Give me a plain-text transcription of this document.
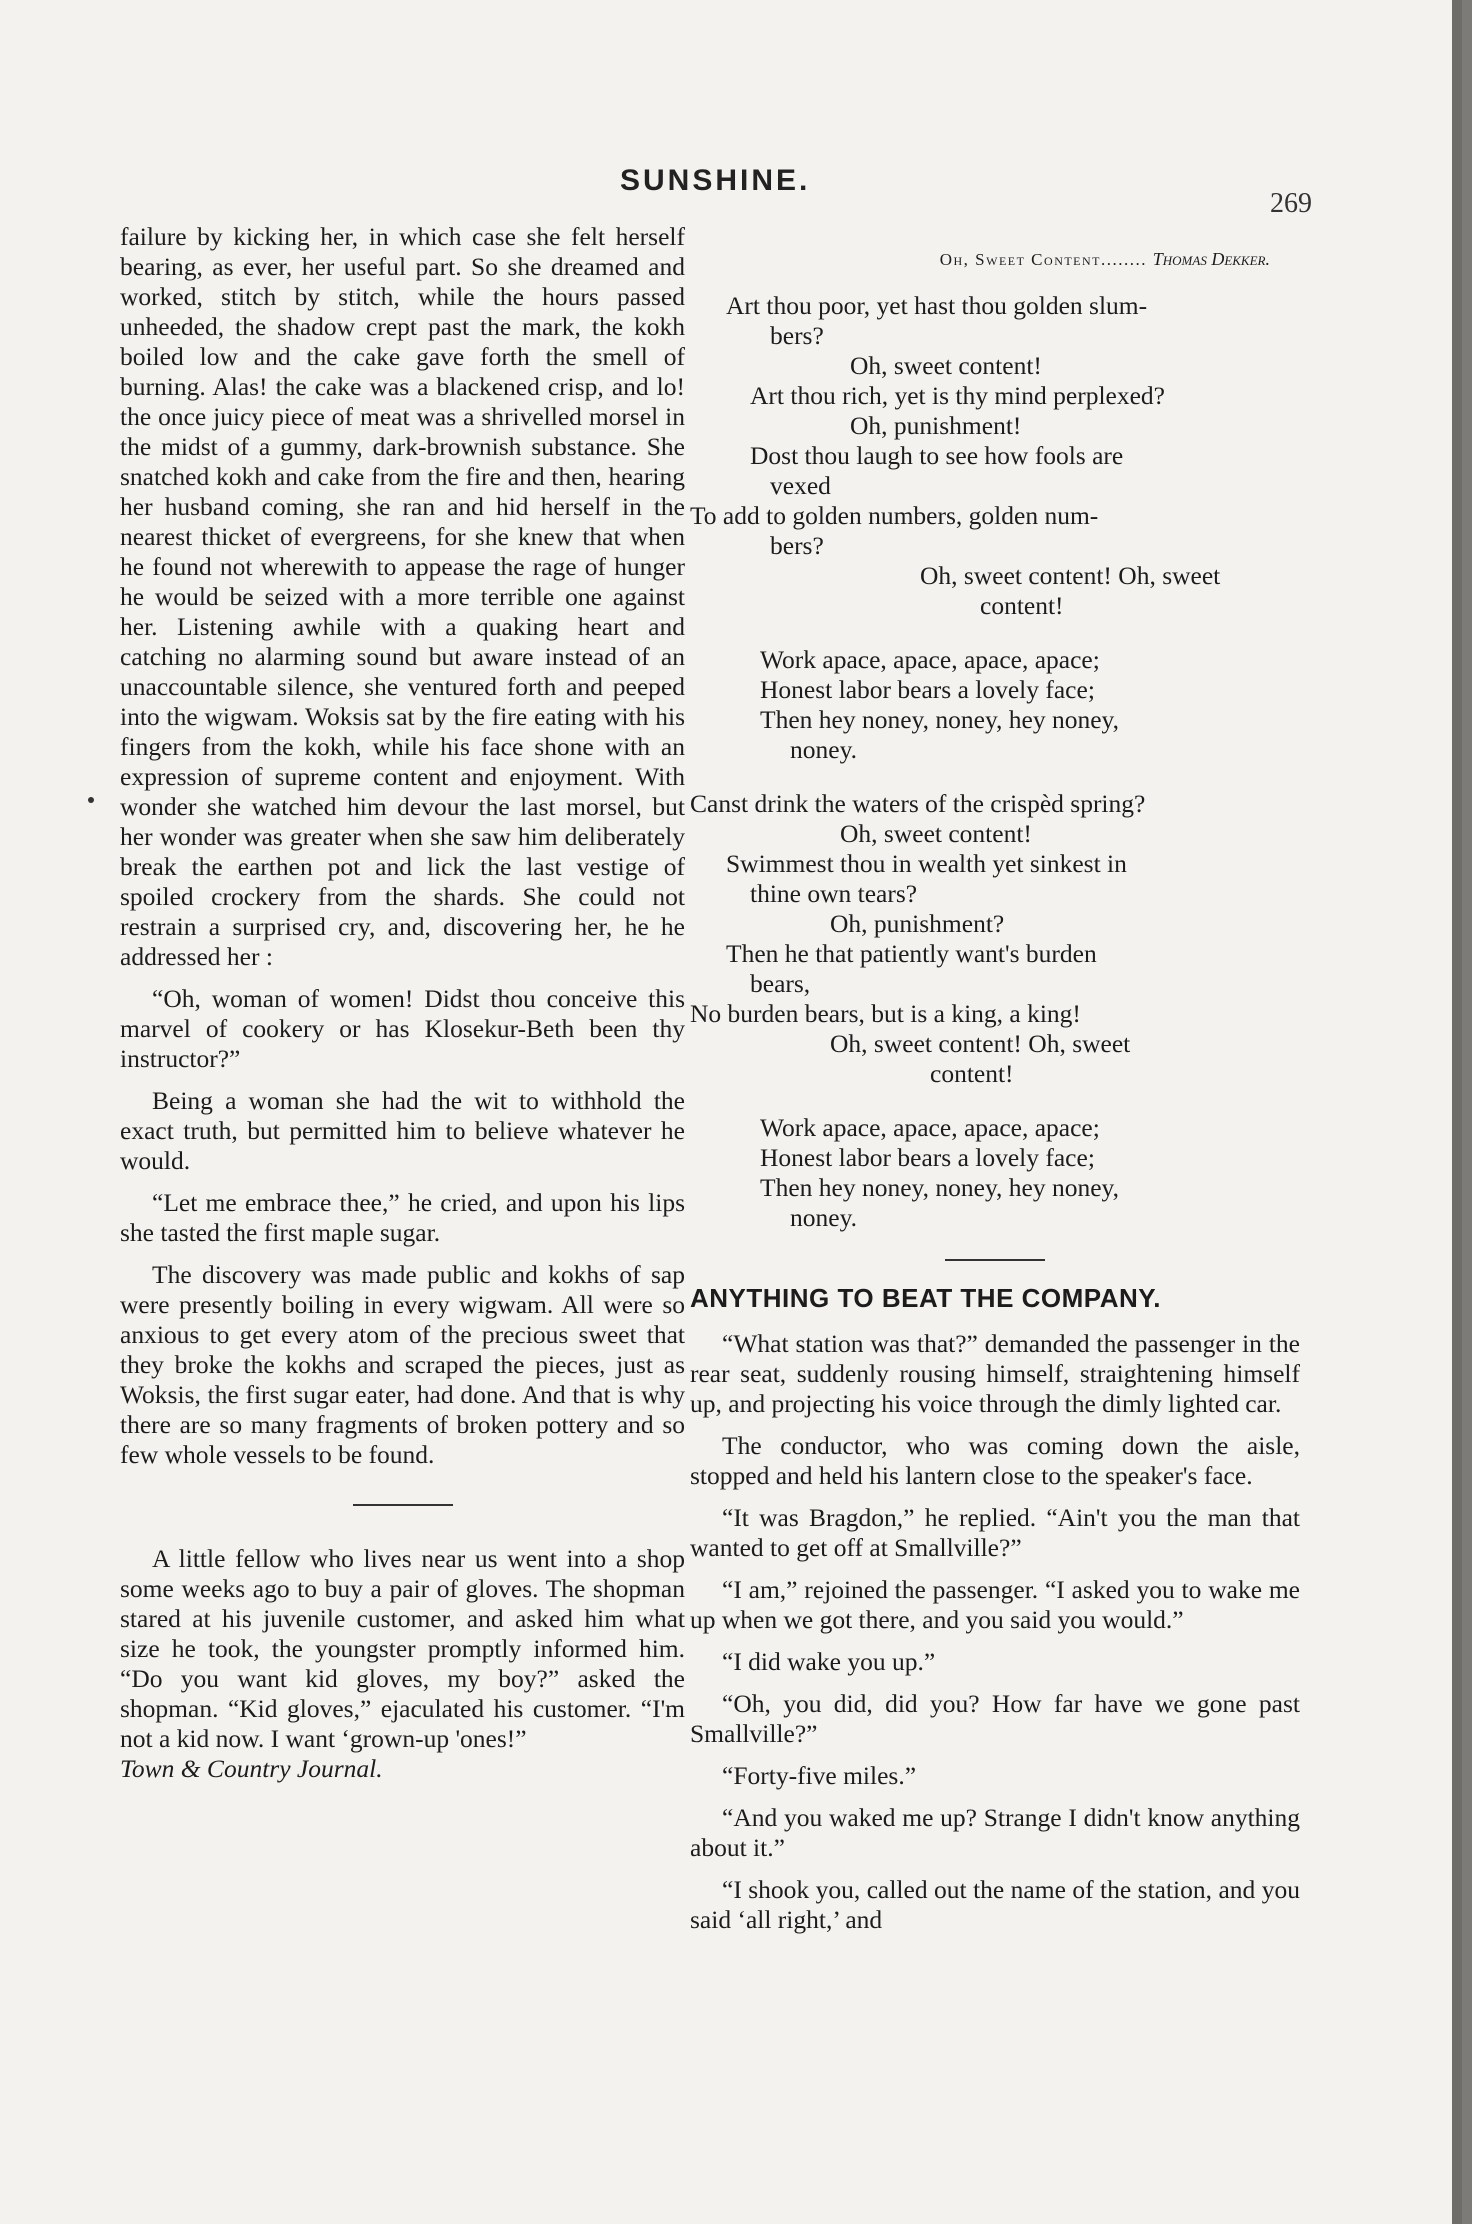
SUNSHINE.
269

failure by kicking her, in which case she felt herself bearing, as ever, her useful part. So she dreamed and worked, stitch by stitch, while the hours passed unheeded, the shadow crept past the mark, the kokh boiled low and the cake gave forth the smell of burning. Alas! the cake was a blackened crisp, and lo! the once juicy piece of meat was a shrivelled morsel in the midst of a gummy, dark-brownish substance. She snatched kokh and cake from the fire and then, hearing her husband coming, she ran and hid herself in the nearest thicket of evergreens, for she knew that when he found not wherewith to appease the rage of hunger he would be seized with a more terrible one against her. Listening awhile with a quaking heart and catching no alarming sound but aware instead of an unaccountable silence, she ventured forth and peeped into the wigwam. Woksis sat by the fire eating with his fingers from the kokh, while his face shone with an expression of supreme content and enjoyment. With wonder she watched him devour the last morsel, but her wonder was greater when she saw him deliberately break the earthen pot and lick the last vestige of spoiled crockery from the shards. She could not restrain a surprised cry, and, discovering her, he he addressed her :

“Oh, woman of women! Didst thou conceive this marvel of cookery or has Klosekur-Beth been thy instructor?”

Being a woman she had the wit to withhold the exact truth, but permitted him to believe whatever he would.

“Let me embrace thee,” he cried, and upon his lips she tasted the first maple sugar.

The discovery was made public and kokhs of sap were presently boiling in every wigwam. All were so anxious to get every atom of the precious sweet that they broke the kokhs and scraped the pieces, just as Woksis, the first sugar eater, had done. And that is why there are so many fragments of broken pottery and so few whole vessels to be found.

A little fellow who lives near us went into a shop some weeks ago to buy a pair of gloves. The shopman stared at his juvenile customer, and asked him what size he took, the youngster promptly informed him. “Do you want kid gloves, my boy?” asked the shopman. “Kid gloves,” ejaculated his customer. “I'm not a kid now. I want ‘grown-up 'ones!”
Town & Country Journal.

Oh, Sweet Content........ Thomas Dekker.

Art thou poor, yet hast thou golden slum-

bers?

Oh, sweet content!

Art thou rich, yet is thy mind perplexed?

Oh, punishment!

Dost thou laugh to see how fools are

vexed

To add to golden numbers, golden num-

bers?

Oh, sweet content! Oh, sweet

content!

Work apace, apace, apace, apace;

Honest labor bears a lovely face;

Then hey noney, noney, hey noney,

noney.

Canst drink the waters of the crispèd spring?

Oh, sweet content!

Swimmest thou in wealth yet sinkest in

thine own tears?

Oh, punishment?

Then he that patiently want's burden

bears,

No burden bears, but is a king, a king!

Oh, sweet content! Oh, sweet

content!

Work apace, apace, apace, apace;

Honest labor bears a lovely face;

Then hey noney, noney, hey noney,

noney.

ANYTHING TO BEAT THE COMPANY.

“What station was that?” demanded the passenger in the rear seat, suddenly rousing himself, straightening himself up, and projecting his voice through the dimly lighted car.

The conductor, who was coming down the aisle, stopped and held his lantern close to the speaker's face.

“It was Bragdon,” he replied. “Ain't you the man that wanted to get off at Smallville?”

“I am,” rejoined the passenger. “I asked you to wake me up when we got there, and you said you would.”

“I did wake you up.”

“Oh, you did, did you? How far have we gone past Smallville?”

“Forty-five miles.”

“And you waked me up? Strange I didn't know anything about it.”

“I shook you, called out the name of the station, and you said ‘all right,’ and
